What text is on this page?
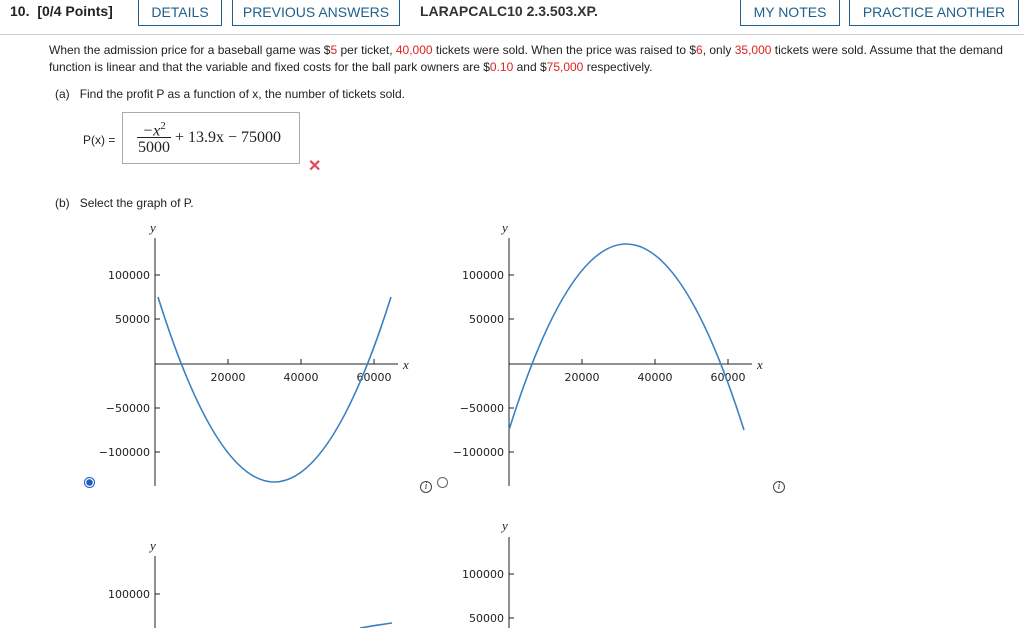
10. [0/4 Points]	DETAILS	PREVIOUS ANSWERS	LARAPCALC10 2.3.503.XP.	MY NOTES	PRACTICE ANOTHER
When the admission price for a baseball game was $5 per ticket, 40,000 tickets were sold. When the price was raised to $6, only 35,000 tickets were sold. Assume that the demand function is linear and that the variable and fixed costs for the ball park owners are $0.10 and $75,000 respectively.
(a) Find the profit P as a function of x, the number of tickets sold.
P(x) =
$-x^2$
5000
+ 13.9x − 75000
✕
(b) Select the graph of P.
y
x
100000
50000
−50000
−100000
20000	40000	60000
i
y
x
100000
50000
−50000
−100000
20000	40000	60000
i
y
100000
y
100000
50000
